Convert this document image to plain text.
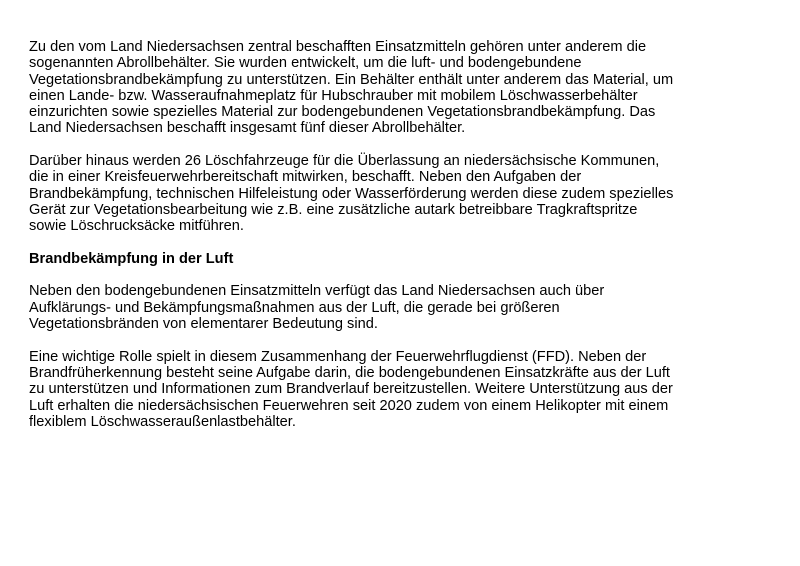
Zu den vom Land Niedersachsen zentral beschafften Einsatzmitteln gehören unter anderem die
sogenannten Abrollbehälter. Sie wurden entwickelt, um die luft- und bodengebundene
Vegetationsbrandbekämpfung zu unterstützen. Ein Behälter enthält unter anderem das Material, um
einen Lande- bzw. Wasseraufnahmeplatz für Hubschrauber mit mobilem Löschwasserbehälter
einzurichten sowie spezielles Material zur bodengebundenen Vegetationsbrandbekämpfung. Das
Land Niedersachsen beschafft insgesamt fünf dieser Abrollbehälter.

Darüber hinaus werden 26 Löschfahrzeuge für die Überlassung an niedersächsische Kommunen,
die in einer Kreisfeuerwehrbereitschaft mitwirken, beschafft. Neben den Aufgaben der
Brandbekämpfung, technischen Hilfeleistung oder Wasserförderung werden diese zudem spezielles
Gerät zur Vegetationsbearbeitung wie z.B. eine zusätzliche autark betreibbare Tragkraftspritze
sowie Löschrucksäcke mitführen.

Brandbekämpfung in der Luft

Neben den bodengebundenen Einsatzmitteln verfügt das Land Niedersachsen auch über
Aufklärungs- und Bekämpfungsmaßnahmen aus der Luft, die gerade bei größeren
Vegetationsbränden von elementarer Bedeutung sind.

Eine wichtige Rolle spielt in diesem Zusammenhang der Feuerwehrflugdienst (FFD). Neben der
Brandfrüherkennung besteht seine Aufgabe darin, die bodengebundenen Einsatzkräfte aus der Luft
zu unterstützen und Informationen zum Brandverlauf bereitzustellen. Weitere Unterstützung aus der
Luft erhalten die niedersächsischen Feuerwehren seit 2020 zudem von einem Helikopter mit einem
flexiblem Löschwasseraußenlastbehälter.
